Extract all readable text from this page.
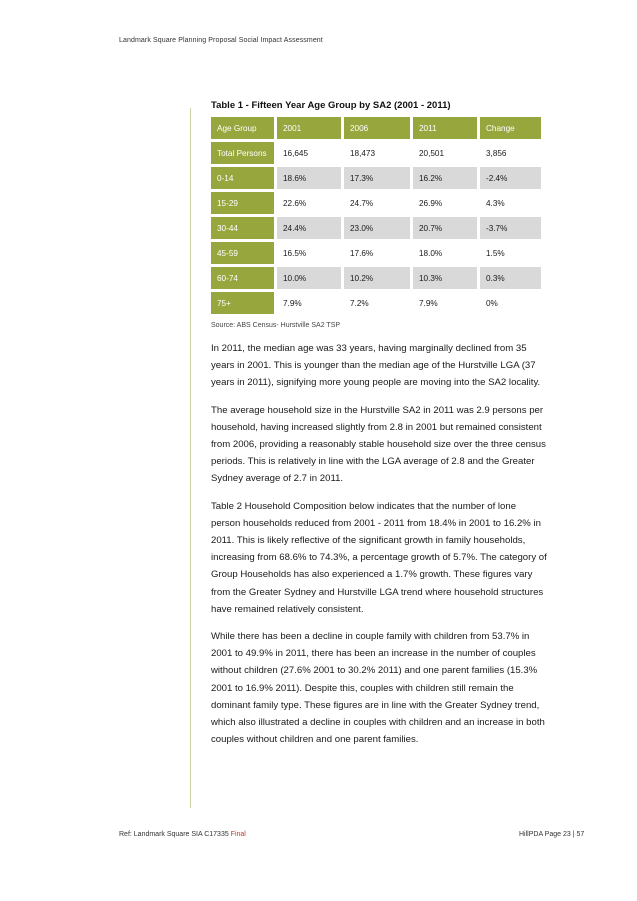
Landmark Square Planning Proposal Social Impact Assessment

Table 1 - Fifteen Year Age Group by SA2 (2001 - 2011)

Age Group	2001	2006	2011	Change
Total Persons	16,645	18,473	20,501	3,856
0-14	18.6%	17.3%	16.2%	-2.4%
15-29	22.6%	24.7%	26.9%	4.3%
30-44	24.4%	23.0%	20.7%	-3.7%
45-59	16.5%	17.6%	18.0%	1.5%
60-74	10.0%	10.2%	10.3%	0.3%
75+	7.9%	7.2%	7.9%	0%
Source: ABS Census- Hurstville SA2 TSP

In 2011, the median age was 33 years, having marginally declined from 35 years in 2001. This is younger than the median age of the Hurstville LGA (37 years in 2011), signifying more young people are moving into the SA2 locality.

The average household size in the Hurstville SA2 in 2011 was 2.9 persons per household, having increased slightly from 2.8 in 2001 but remained consistent from 2006, providing a reasonably stable household size over the three census periods. This is relatively in line with the LGA average of 2.8 and the Greater Sydney average of 2.7 in 2011.

Table 2 Household Composition below indicates that the number of lone person households reduced from 2001 - 2011 from 18.4% in 2001 to 16.2% in 2011. This is likely reflective of the significant growth in family households, increasing from 68.6% to 74.3%, a percentage growth of 5.7%. The category of Group Households has also experienced a 1.7% growth. These figures vary from the Greater Sydney and Hurstville LGA trend where household structures have remained relatively consistent.

While there has been a decline in couple family with children from 53.7% in 2001 to 49.9% in 2011, there has been an increase in the number of couples without children (27.6% 2001 to 30.2% 2011) and one parent families (15.3% 2001 to 16.9% 2011). Despite this, couples with children still remain the dominant family type. These figures are in line with the Greater Sydney trend, which also illustrated a decline in couples with children and an increase in both couples without children and one parent families.

Ref: Landmark Square SIA C17335 Final	HillPDA Page 23 | 57
